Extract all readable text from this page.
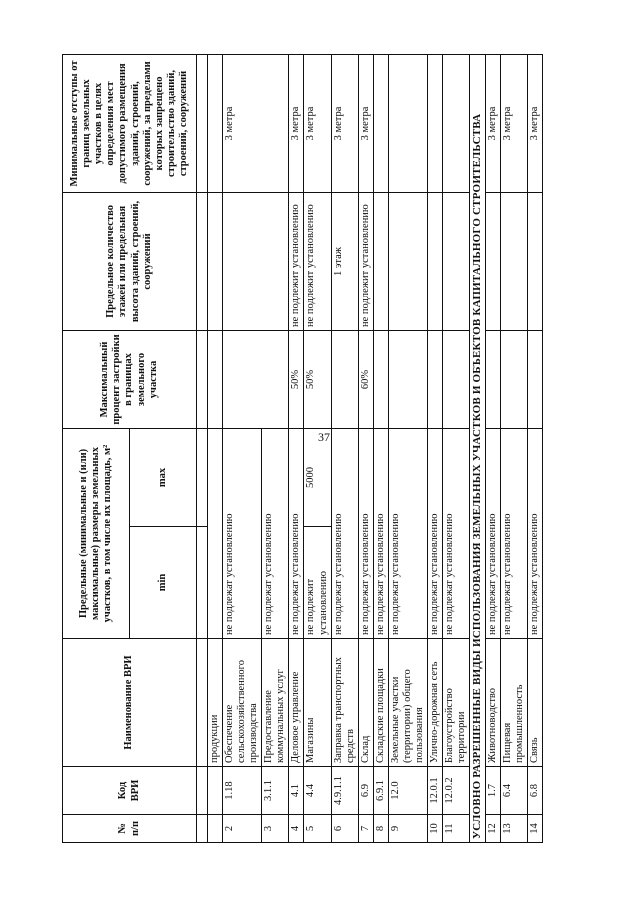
37
№ п/п	Код ВРИ	Наименование ВРИ	Предельные (минимальные и (или) максимальные) размеры земельных участков, в том числе их площадь, м²		Максимальный процент застройки в границах земельного участка	Предельное количество этажей или предельная высота зданий, строений, сооружений	Минимальные отступы от границ земельных участков в целях определения мест допустимого размещения зданий, строений, сооружений, за пределами которых запрещено строительство зданий, строений, сооружений
			min	max			

		продукции					
2	1.18	Обеспечение сельскохозяйственного производства	не подлежат установлению				3 метра
3	3.1.1	Предоставление коммунальных услуг	не подлежат установлению				
4	4.1	Деловое управление	не подлежат установлению		50%	не подлежит установлению	3 метра
5	4.4	Магазины	не подлежит установлению	5000	50%	не подлежит установлению	3 метра
6	4.9.1.1	Заправка транспортных средств	не подлежат установлению			1 этаж	3 метра
7	6.9	Склад	не подлежат установлению		60%	не подлежит установлению	3 метра
8	6.9.1	Складские площадки	не подлежат установлению				
9	12.0	Земельные участки (территории) общего пользования	не подлежат установлению				
10	12.0.1	Улично-дорожная сеть	не подлежат установлению				
11	12.0.2	Благоустройство территории	не подлежат установлению				
УСЛОВНО РАЗРЕШЕННЫЕ ВИДЫ ИСПОЛЬЗОВАНИЯ ЗЕМЕЛЬНЫХ УЧАСТКОВ И ОБЪЕКТОВ КАПИТАЛЬНОГО СТРОИТЕЛЬСТВА							
12	1.7	Животноводство	не подлежат установлению				3 метра
13	6.4	Пищевая промышленность	не подлежат установлению				3 метра
14	6.8	Связь	не подлежат установлению				3 метра
